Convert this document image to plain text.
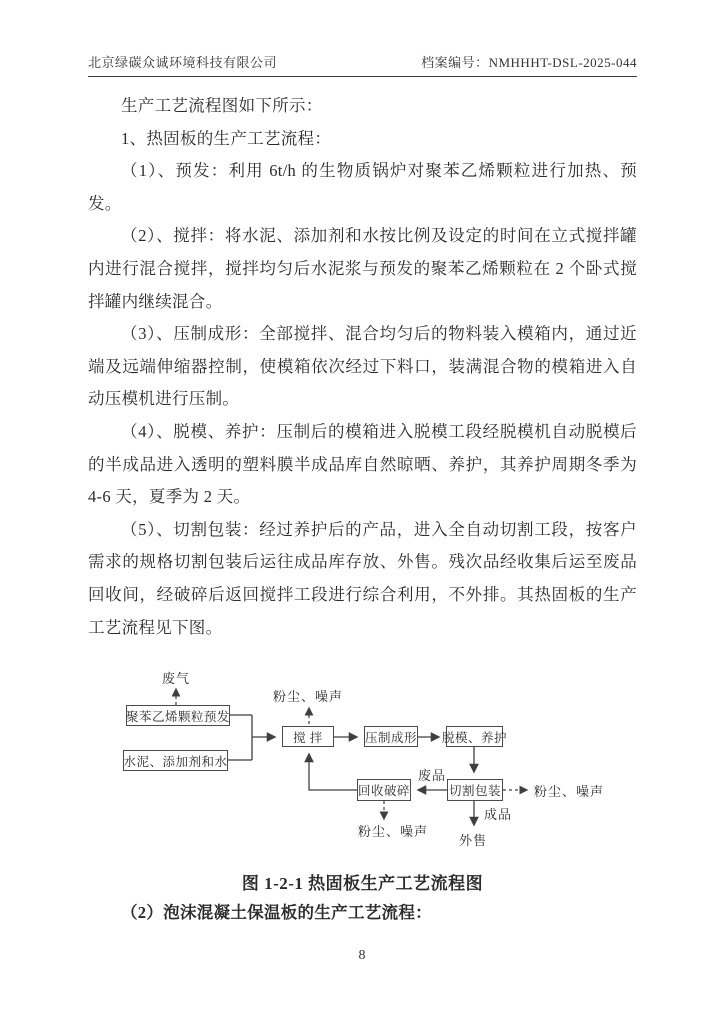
北京绿碳众诚环境科技有限公司	档案编号：NMHHHT-DSL-2025-044

生产工艺流程图如下所示：

1、热固板的生产工艺流程：

（1）、预发：利用 6t/h 的生物质锅炉对聚苯乙烯颗粒进行加热、预发。

（2）、搅拌：将水泥、添加剂和水按比例及设定的时间在立式搅拌罐内进行混合搅拌，搅拌均匀后水泥浆与预发的聚苯乙烯颗粒在 2 个卧式搅拌罐内继续混合。

（3）、压制成形：全部搅拌、混合均匀后的物料装入模箱内，通过近端及远端伸缩器控制，使模箱依次经过下料口，装满混合物的模箱进入自动压模机进行压制。

（4）、脱模、养护：压制后的模箱进入脱模工段经脱模机自动脱模后的半成品进入透明的塑料膜半成品库自然晾晒、养护，其养护周期冬季为 4-6 天，夏季为 2 天。

（5）、切割包装：经过养护后的产品，进入全自动切割工段，按客户需求的规格切割包装后运往成品库存放、外售。残次品经收集后运至废品回收间，经破碎后返回搅拌工段进行综合利用，不外排。其热固板的生产工艺流程见下图。

聚苯乙烯颗粒预发
水泥、添加剂和水
搅 拌	压制成形 脱模、养护
回收破碎	切割包装
废气
粉尘、噪声
废品
粉尘、噪声
粉尘、噪声
成品
外售
图 1-2-1 热固板生产工艺流程图
（2）泡沫混凝土保温板的生产工艺流程：
8
